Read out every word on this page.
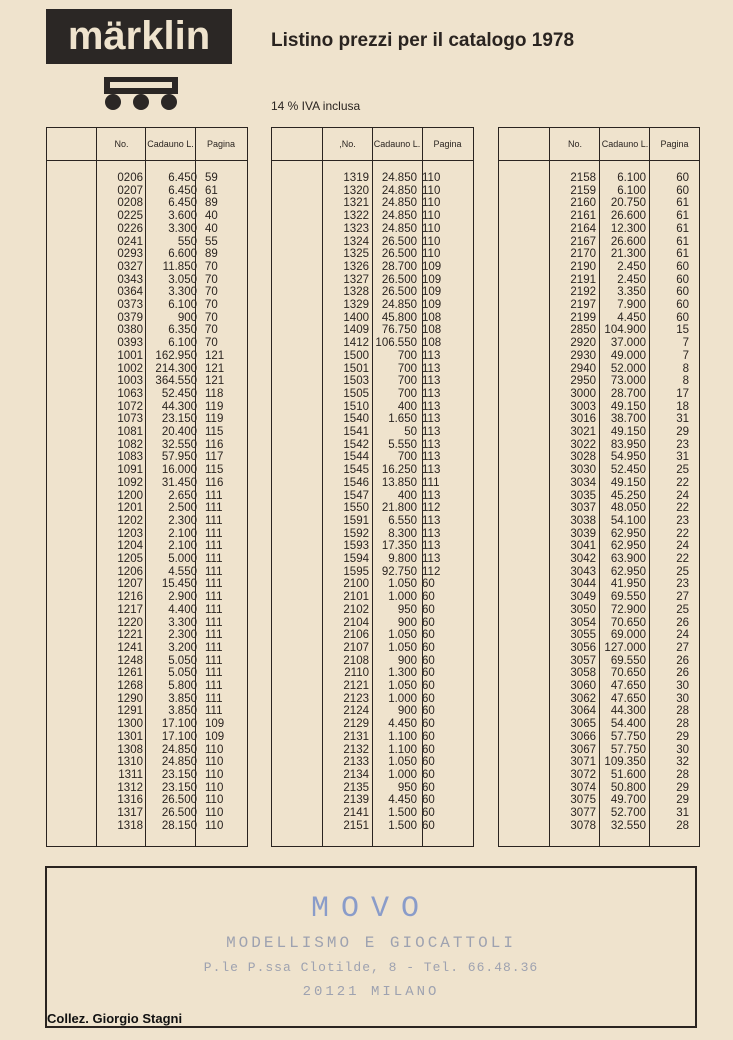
märklin	Listino prezzi per il catalogo 1978
14 % IVA inclusa
No.	Cadauno L.	Pagina
0206	6.450 59
0207	6.450 61
0208	6.450 89
0225	3.600 40
0226	3.300 40
0241	550 55
0293	6.600 89
0327	11.850 70
0343	3.050 70
0364	3.300 70
0373	6.100 70
0379	900 70
0380	6.350 70
0393	6.100 70
1001	162.950 121
1002	214.300 121
1003	364.550 121
1063	52.450 118
1072	44.300 119
1073	23.150 119
1081	20.400 115
1082	32.550 116
1083	57.950 117
1091	16.000 115
1092	31.450 116
1200	2.650 111
1201	2.500 111
1202	2.300 111
1203	2.100 111
1204	2.100 111
1205	5.000 111
1206	4.550 111
1207	15.450 111
1216	2.900 111
1217	4.400 111
1220	3.300 111
1221	2.300 111
1241	3.200 111
1248	5.050 111
1261	5.050 111
1268	5.800 111
1290	3.850 111
1291	3.850 111
1300	17.100 109
1301	17.100 109
1308	24.850 110
1310	24.850 110
1311	23.150 110
1312	23.150 110
1316	26.500 110
1317	26.500 110
1318	28.150 110
,No.	Cadauno L.	Pagina
1319	24.850 110
1320	24.850 110
1321	24.850 110
1322	24.850 110
1323	24.850 110
1324	26.500 110
1325	26.500 110
1326	28.700 109
1327	26.500 109
1328	26.500 109
1329	24.850 109
1400	45.800 108
1409	76.750 108
1412 106.550 108
1500	700 113
1501	700 113
1503	700 113
1505	700 113
1510	400 113
1540	1.650 113
1541	50 113
1542	5.550 113
1544	700 113
1545	16.250 113
1546	13.850 111
1547	400 113
1550	21.800 112
1591	6.550 113
1592	8.300 113
1593	17.350 113
1594	9.800 113
1595	92.750 112
2100	1.050 60
2101	1.000 60
2102	950 60
2104	900 60
2106	1.050 60
2107	1.050 60
2108	900 60
2110	1.300 60
2121	1.050 60
2123	1.000 60
2124	900 60
2129	4.450 60
2131	1.100 60
2132	1.100 60
2133	1.050 60
2134	1.000 60
2135	950 60
2139	4.450 60
2141	1.500 60
2151	1.500 60
No.	Cadauno L.	Pagina
2158	6.100	60
2159	6.100	60
2160	20.750	61
2161	26.600	61
2164	12.300	61
2167	26.600	61
2170	21.300	61
2190	2.450	60
2191	2.450	60
2192	3.350	60
2197	7.900	60
2199	4.450	60
2850 104.900	15
2920	37.000	7
2930	49.000	7
2940	52.000	8
2950	73.000	8
3000	28.700	17
3003	49.150	18
3016	38.700	31
3021	49.150	29
3022	83.950	23
3028	54.950	31
3030	52.450	25
3034	49.150	22
3035	45.250	24
3037	48.050	22
3038	54.100	23
3039	62.950	22
3041	62.950	24
3042	63.900	22
3043	62.950	25
3044	41.950	23
3049	69.550	27
3050	72.900	25
3054	70.650	26
3055	69.000	24
3056 127.000	27
3057	69.550	26
3058	70.650	26
3060	47.650	30
3062	47.650	30
3064	44.300	28
3065	54.400	28
3066	57.750	29
3067	57.750	30
3071 109.350	32
3072	51.600	28
3074	50.800	29
3075	49.700	29
3077	52.700	31
3078	32.550	28
MOVO
MODELLISMO E GIOCATTOLI
P.le P.ssa Clotilde, 8 - Tel. 66.48.36
20121 MILANO
Collez. Giorgio Stagni
